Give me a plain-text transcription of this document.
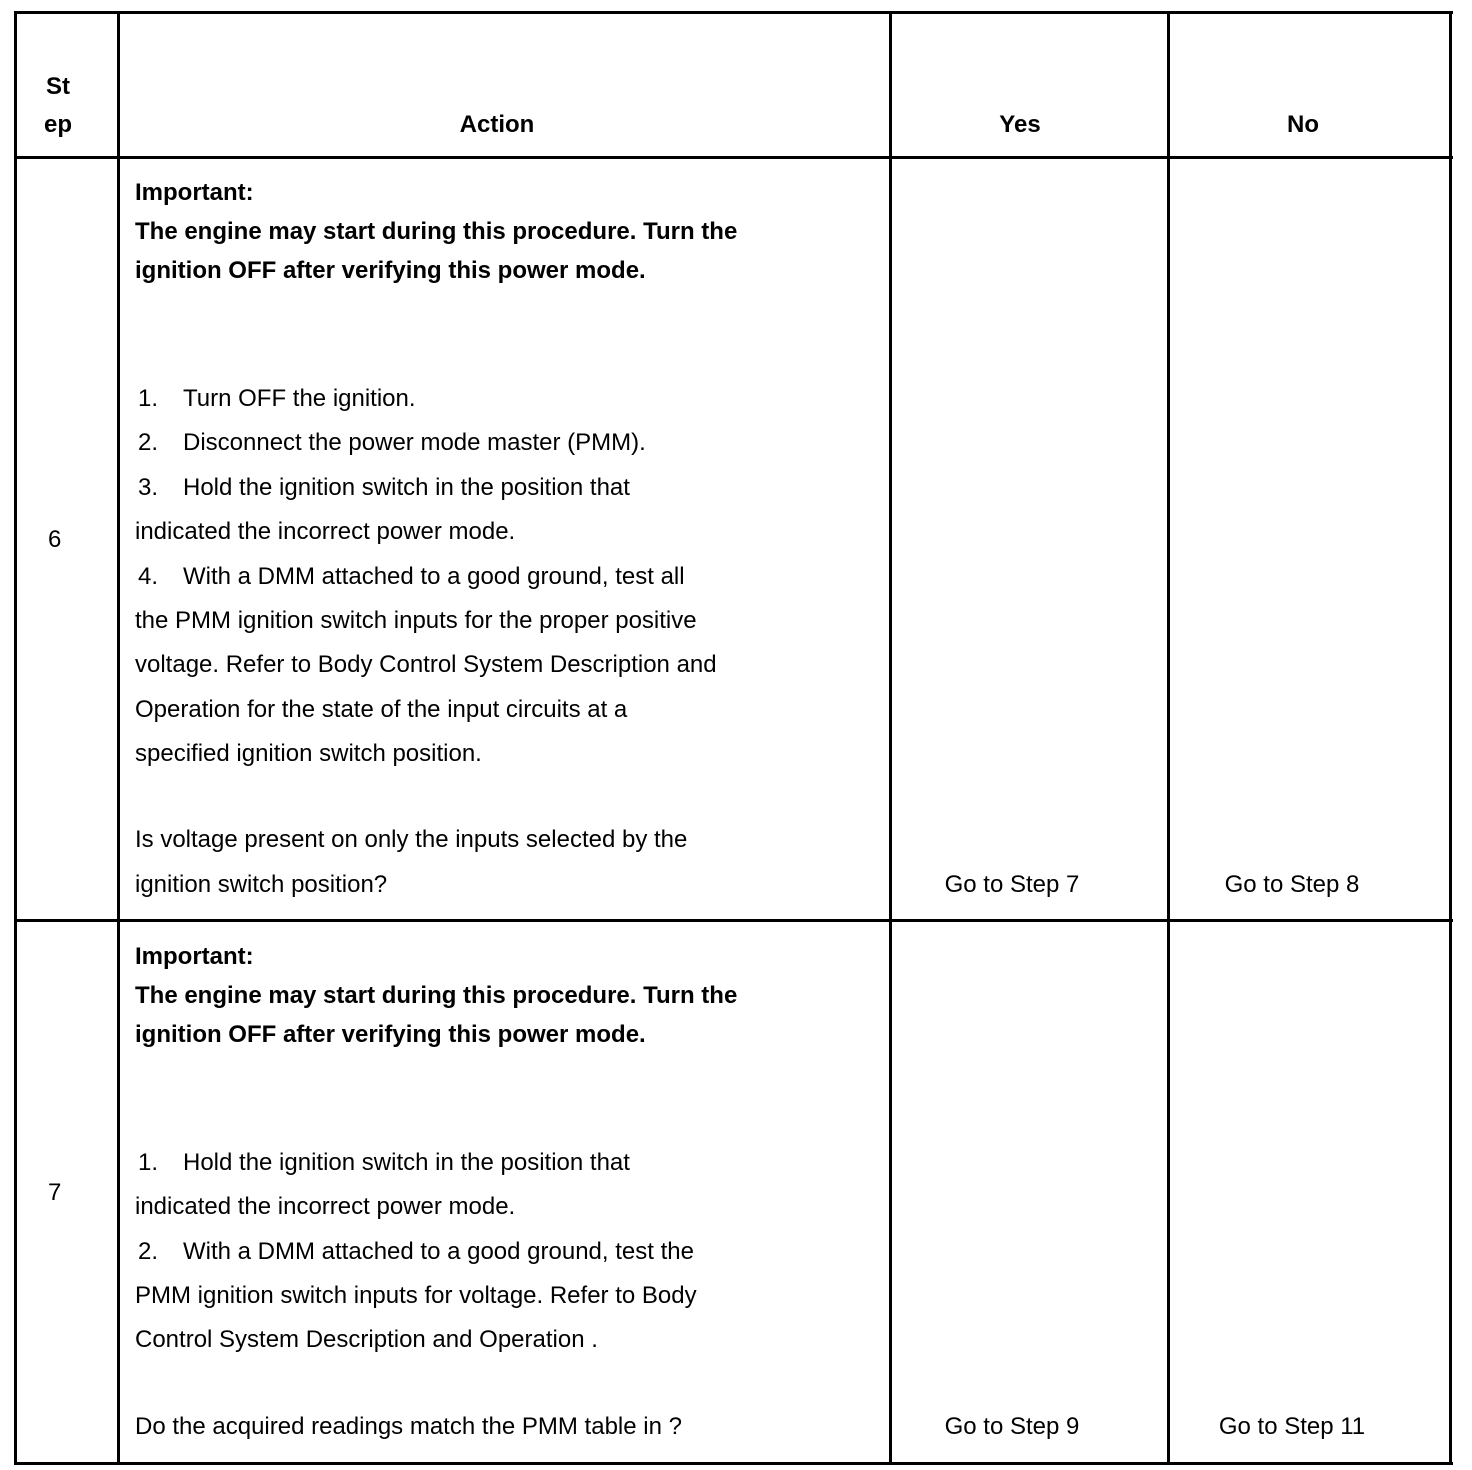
St
ep	Action	Yes	No
6
Important:
The engine may start during this procedure. Turn the
ignition OFF after verifying this power mode.
1. Turn OFF the ignition.
2. Disconnect the power mode master (PMM).
3. Hold the ignition switch in the position that
indicated the incorrect power mode.
4. With a DMM attached to a good ground, test all
the PMM ignition switch inputs for the proper positive
voltage. Refer to Body Control System Description and
Operation for the state of the input circuits at a
specified ignition switch position.
Is voltage present on only the inputs selected by the
ignition switch position?	Go to Step 7	Go to Step 8
7
Important:
The engine may start during this procedure. Turn the
ignition OFF after verifying this power mode.
1. Hold the ignition switch in the position that
indicated the incorrect power mode.
2. With a DMM attached to a good ground, test the
PMM ignition switch inputs for voltage. Refer to Body
Control System Description and Operation .
Do the acquired readings match the PMM table in ?	Go to Step 9	Go to Step 11
